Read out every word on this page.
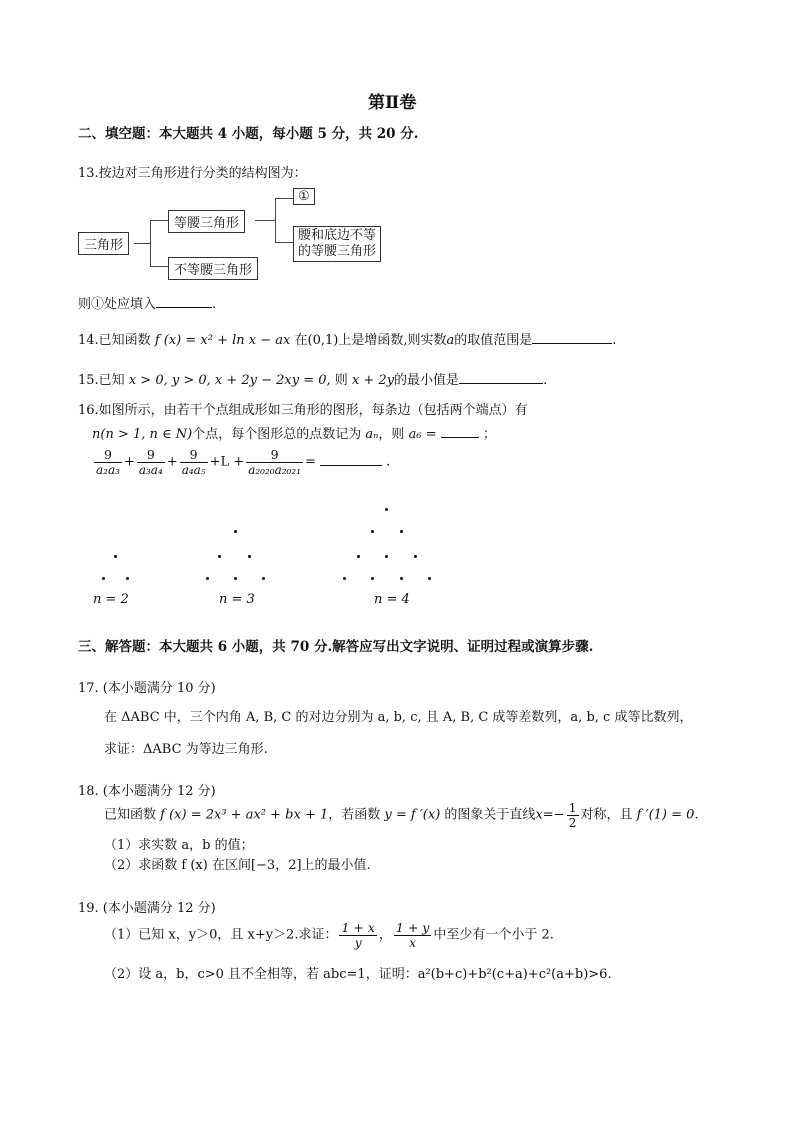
第Ⅱ卷
二、填空题：本大题共 4 小题，每小题 5 分，共 20 分.
13.按边对三角形进行分类的结构图为：
三角形
等腰三角形
不等腰三角形
①
腰和底边不等
的等腰三角形
则①处应填入	.
14.已知函数 f (x) = x² + ln x − ax 在(0,1)上是增函数,则实数a的取值范围是	.
15.已知 x > 0, y > 0, x + 2y − 2xy = 0, 则 x + 2y的最小值是	.
16.如图所示，由若干个点组成形如三角形的图形，每条边（包括两个端点）有
n(n > 1, n ∈ N)个点，每个图形总的点数记为 aₙ，则 a₆ =	；
$\frac{9}{\text{a₂a₃}} + \frac{9}{\text{a₃a₄}} + \frac{9}{\text{a₄a₅}} +L + \frac{9}{\text{a₂₀₂₀a₂₀₂₁}}$ =	.
n = 2	n = 3	n = 4
三、解答题：本大题共 6 小题，共 70 分.解答应写出文字说明、证明过程或演算步骤.
17. (本小题满分 10 分)
在 ΔABC 中，三个内角 A, B, C 的对边分别为 a, b, c, 且 A, B, C 成等差数列，a, b, c 成等比数列，
求证：ΔABC 为等边三角形.
18. (本小题满分 12 分)
已知函数 f (x) = 2x³ + ax² + bx + 1，若函数 y = f ′(x) 的图象关于直线$x=- \frac{1}{2}$ 对称，且 f ′(1) = 0.
（1）求实数 a，b 的值；
（2）求函数 f (x) 在区间[−3，2]上的最小值.
19. (本小题满分 12 分)
（1）已知 x，y＞0，且 x+y＞2.求证： $\frac{1 + x}{y}$ ， $\frac{1 + y}{x}$ 中至少有一个小于 2.
（2）设 a，b，c>0 且不全相等，若 abc=1，证明：a²(b+c)+b²(c+a)+c²(a+b)>6.
